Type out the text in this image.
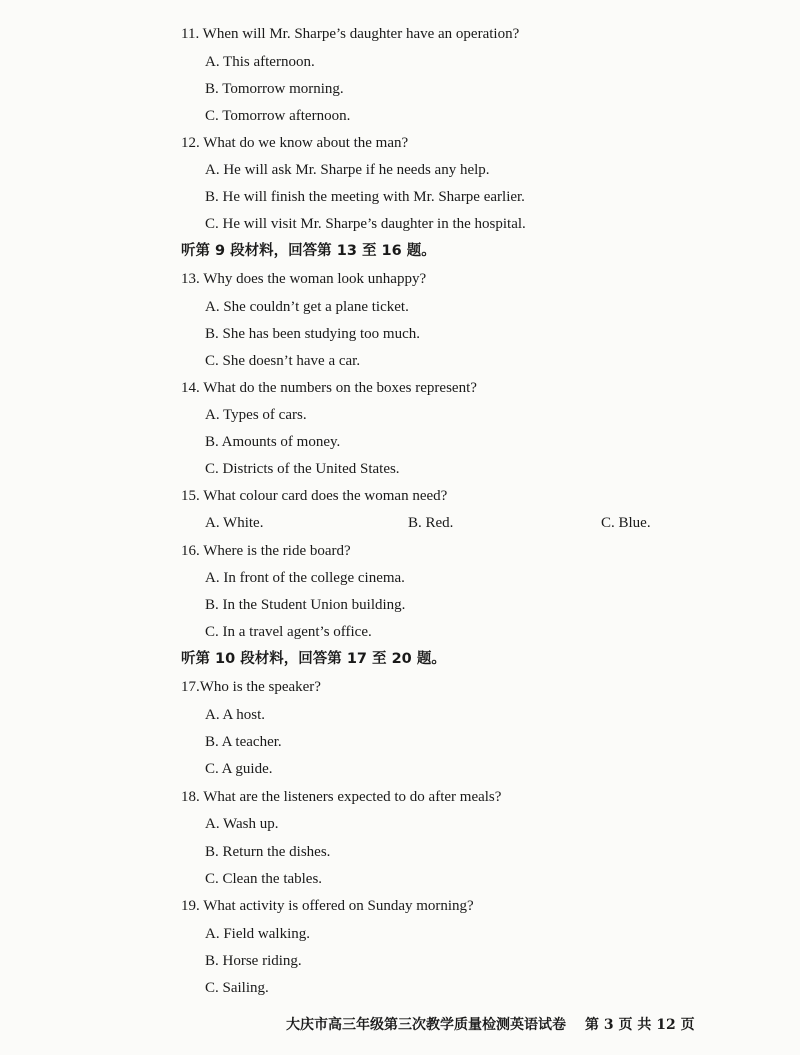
11. When will Mr. Sharpe’s daughter have an operation?
A. This afternoon.
B. Tomorrow morning.
C. Tomorrow afternoon.
12. What do we know about the man?
A. He will ask Mr. Sharpe if he needs any help.
B. He will finish the meeting with Mr. Sharpe earlier.
C. He will visit Mr. Sharpe’s daughter in the hospital.
听第 9 段材料，回答第 13 至 16 题。
13. Why does the woman look unhappy?
A. She couldn’t get a plane ticket.
B. She has been studying too much.
C. She doesn’t have a car.
14. What do the numbers on the boxes represent?
A. Types of cars.
B. Amounts of money.
C. Districts of the United States.
15. What colour card does the woman need?
A. White.	B. Red.	C. Blue.
16. Where is the ride board?
A. In front of the college cinema.
B. In the Student Union building.
C. In a travel agent’s office.
听第 10 段材料，回答第 17 至 20 题。
17.Who is the speaker?
A. A host.
B. A teacher.
C. A guide.
18. What are the listeners expected to do after meals?
A. Wash up.
B. Return the dishes.
C. Clean the tables.
19. What activity is offered on Sunday morning?
A. Field walking.
B. Horse riding.
C. Sailing.
大庆市高三年级第三次教学质量检测英语试卷 第 3 页 共 12 页
